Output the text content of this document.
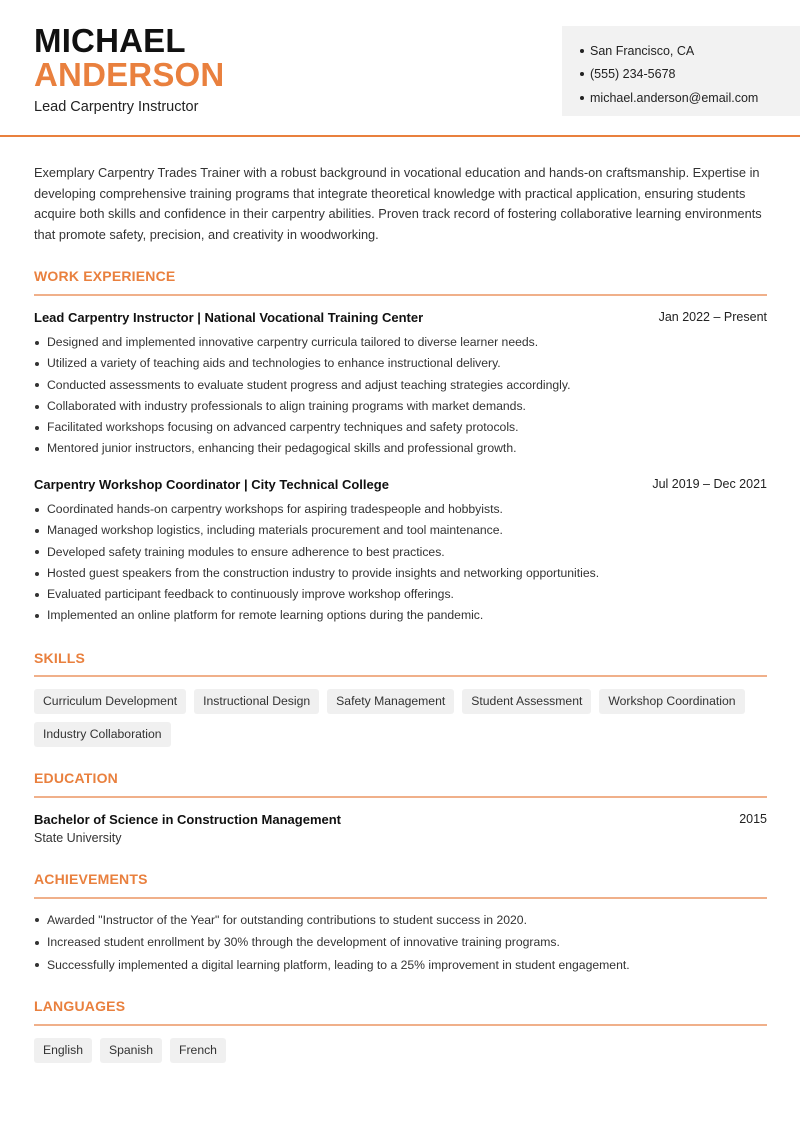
MICHAEL
ANDERSON
Lead Carpentry Instructor
San Francisco, CA
(555) 234-5678
michael.anderson@email.com

Exemplary Carpentry Trades Trainer with a robust background in vocational education and hands-on craftsmanship. Expertise in developing comprehensive training programs that integrate theoretical knowledge with practical application, ensuring students acquire both skills and confidence in their carpentry abilities. Proven track record of fostering collaborative learning environments that promote safety, precision, and creativity in woodworking.

WORK EXPERIENCE
Lead Carpentry Instructor | National Vocational Training Center	Jan 2022 – Present
Designed and implemented innovative carpentry curricula tailored to diverse learner needs.
Utilized a variety of teaching aids and technologies to enhance instructional delivery.
Conducted assessments to evaluate student progress and adjust teaching strategies accordingly.
Collaborated with industry professionals to align training programs with market demands.
Facilitated workshops focusing on advanced carpentry techniques and safety protocols.
Mentored junior instructors, enhancing their pedagogical skills and professional growth.
Carpentry Workshop Coordinator | City Technical College	Jul 2019 – Dec 2021
Coordinated hands-on carpentry workshops for aspiring tradespeople and hobbyists.
Managed workshop logistics, including materials procurement and tool maintenance.
Developed safety training modules to ensure adherence to best practices.
Hosted guest speakers from the construction industry to provide insights and networking opportunities.
Evaluated participant feedback to continuously improve workshop offerings.
Implemented an online platform for remote learning options during the pandemic.
SKILLS
Curriculum Development	Instructional Design	Safety Management	Student Assessment	Workshop Coordination
Industry Collaboration
EDUCATION
Bachelor of Science in Construction Management	2015
State University
ACHIEVEMENTS
Awarded "Instructor of the Year" for outstanding contributions to student success in 2020.
Increased student enrollment by 30% through the development of innovative training programs.
Successfully implemented a digital learning platform, leading to a 25% improvement in student engagement.
LANGUAGES
English	Spanish	French
